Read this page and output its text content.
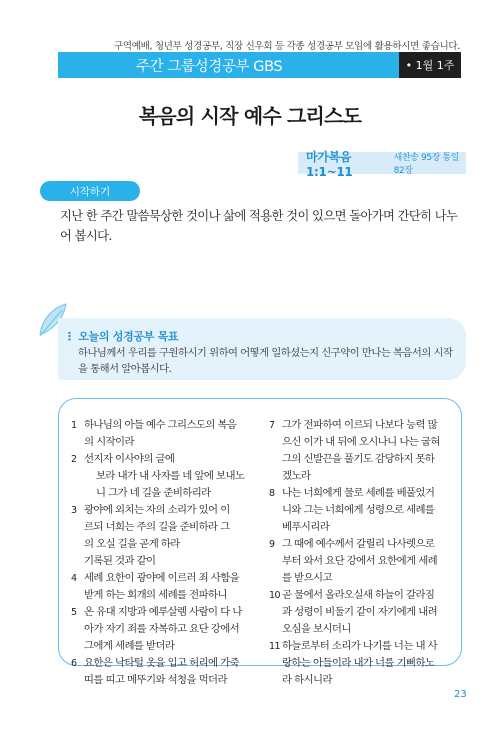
구역예배, 청년부 성경공부, 직장 신우회 등 각종 성경공부 모임에 활용하시면 좋습니다.
주간 그룹성경공부 GBS	• 1월 1주
복음의 시작 예수 그리스도
마가복음 1:1~11
새찬송 95장 통일 82장
시작하기
지난 한 주간 말씀묵상한 것이나 삶에 적용한 것이 있으면 돌아가며 간단히 나누어 봅시다.
⋮ 오늘의 성경공부 목표
하나님께서 우리를 구원하시기 위하여 어떻게 일하셨는지 신구약이 만나는 복음서의 시작을 통해서 알아봅시다.
1 하나님의 아들 예수 그리스도의 복음
의 시작이라
2 선지자 이사야의 글에
보라 내가 내 사자를 네 앞에 보내노
니 그가 네 길을 준비하리라
3 광야에 외치는 자의 소리가 있어 이
르되 너희는 주의 길을 준비하라 그
의 오실 길을 곧게 하라
기록된 것과 같이
4 세례 요한이 광야에 이르러 죄 사함을
받게 하는 회개의 세례를 전파하니
5 온 유대 지방과 예루살렘 사람이 다 나
아가 자기 죄를 자복하고 요단 강에서
그에게 세례를 받더라
6 요한은 낙타털 옷을 입고 허리에 가죽
띠를 띠고 메뚜기와 석청을 먹더라
7 그가 전파하여 이르되 나보다 능력 많
으신 이가 내 뒤에 오시나니 나는 굽혀
그의 신발끈을 풀기도 감당하지 못하
겠노라
8 나는 너희에게 물로 세례를 베풀었거
니와 그는 너희에게 성령으로 세례를
베푸시리라
9 그 때에 예수께서 갈릴리 나사렛으로
부터 와서 요단 강에서 요한에게 세례
를 받으시고
10 곧 물에서 올라오실새 하늘이 갈라짐
과 성령이 비둘기 같이 자기에게 내려
오심을 보시더니
11 하늘로부터 소리가 나기를 너는 내 사
랑하는 아들이라 내가 너를 기뻐하노
라 하시니라
23
